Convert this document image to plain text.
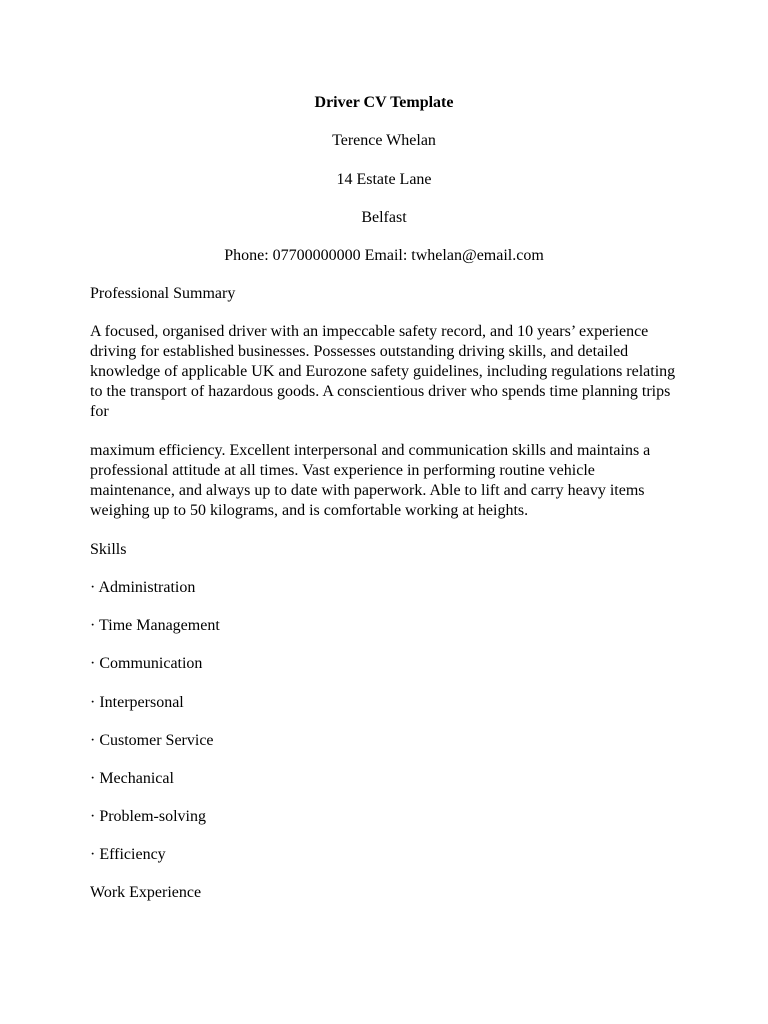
Driver CV Template
Terence Whelan
14 Estate Lane
Belfast
Phone: 07700000000 Email: twhelan@email.com
Professional Summary
A focused, organised driver with an impeccable safety record, and 10 years’ experience driving for established businesses. Possesses outstanding driving skills, and detailed knowledge of applicable UK and Eurozone safety guidelines, including regulations relating to the transport of hazardous goods. A conscientious driver who spends time planning trips for
maximum efficiency. Excellent interpersonal and communication skills and maintains a professional attitude at all times. Vast experience in performing routine vehicle maintenance, and always up to date with paperwork. Able to lift and carry heavy items weighing up to 50 kilograms, and is comfortable working at heights.
Skills
· Administration
· Time Management
· Communication
· Interpersonal
· Customer Service
· Mechanical
· Problem-solving
· Efficiency
Work Experience
